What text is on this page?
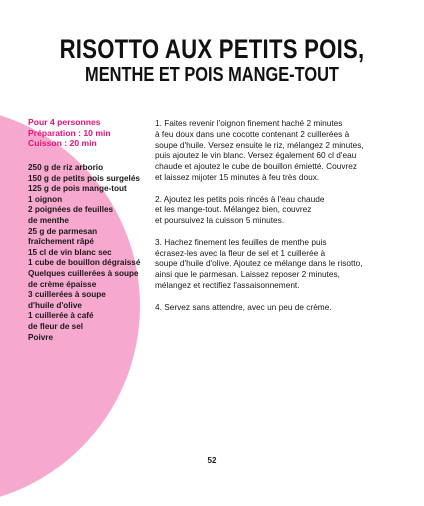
RISOTTO AUX PETITS POIS,
MENTHE ET POIS MANGE-TOUT
Pour 4 personnes
Préparation : 10 min
Cuisson : 20 min
250 g de riz arborio
150 g de petits pois surgelés
125 g de pois mange-tout
1 oignon
2 poignées de feuilles
de menthe
25 g de parmesan
fraîchement râpé
15 cl de vin blanc sec
1 cube de bouillon dégraissé
Quelques cuillerées à soupe
de crème épaisse
3 cuillerées à soupe
d'huile d'olive
1 cuillerée à café
de fleur de sel
Poivre
1. Faites revenir l'oignon finement haché 2 minutes
à feu doux dans une cocotte contenant 2 cuillerées à
soupe d'huile. Versez ensuite le riz, mélangez 2 minutes,
puis ajoutez le vin blanc. Versez également 60 cl d'eau
chaude et ajoutez le cube de bouillon émietté. Couvrez
et laissez mijoter 15 minutes à feu très doux.
2. Ajoutez les petits pois rincés à l'eau chaude
et les mange-tout. Mélangez bien, couvrez
et poursuivez la cuisson 5 minutes.
3. Hachez finement les feuilles de menthe puis
écrasez-les avec la fleur de sel et 1 cuillerée à
soupe d'huile d'olive. Ajoutez ce mélange dans le risotto,
ainsi que le parmesan. Laissez reposer 2 minutes,
mélangez et rectifiez l'assaisonnement.
4. Servez sans attendre, avec un peu de crème.
52
